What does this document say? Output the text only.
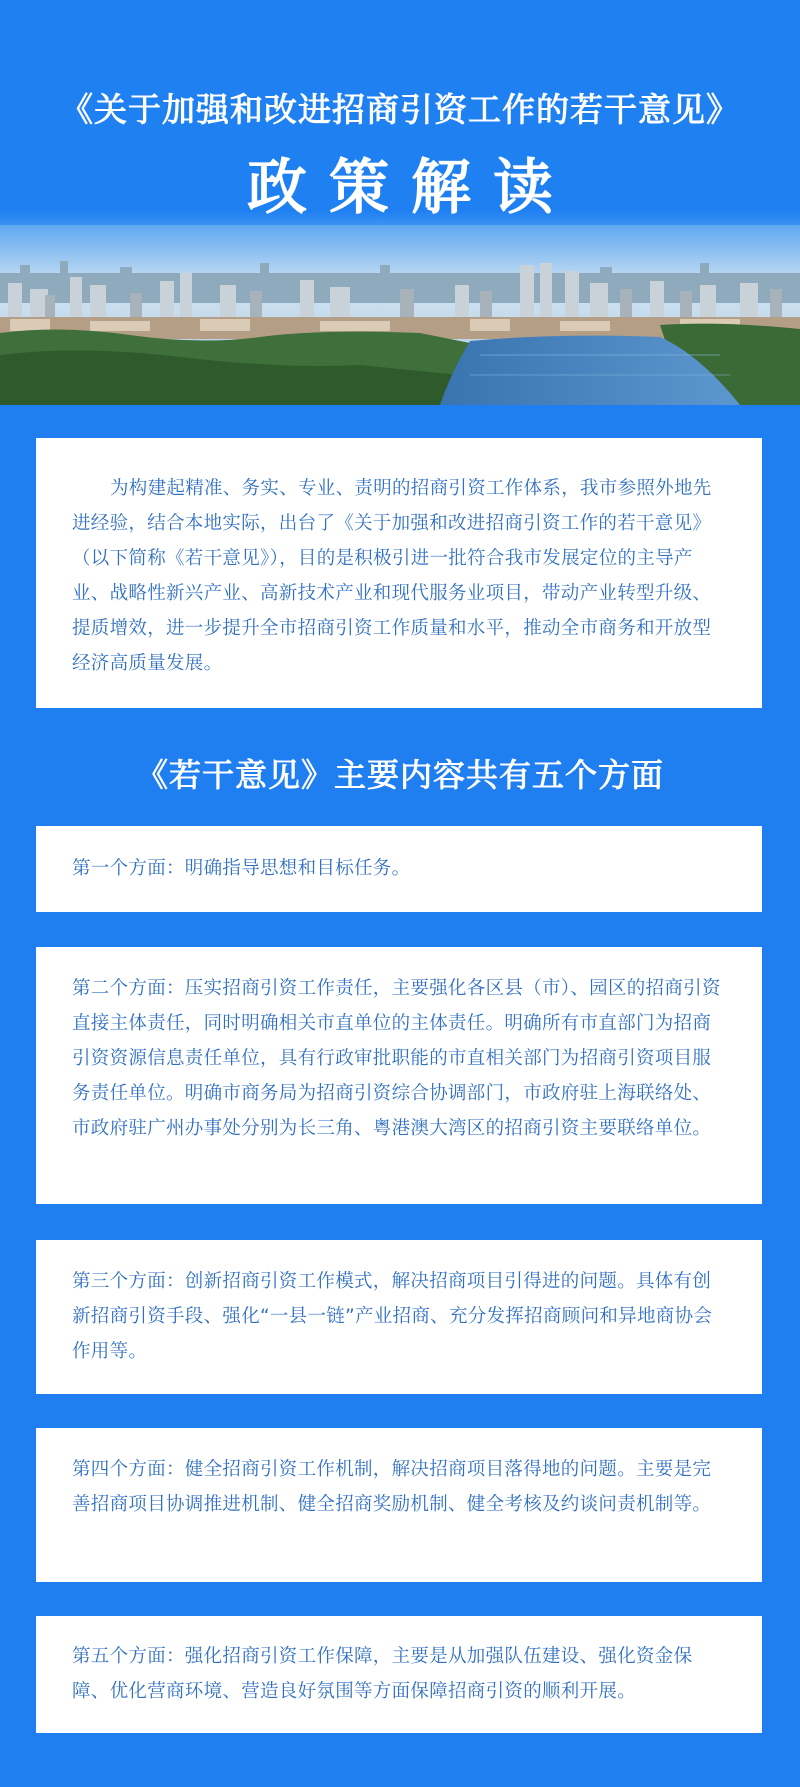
《关于加强和改进招商引资工作的若干意见》
政策解读

为构建起精准、务实、专业、责明的招商引资工作体系，我市参照外地先进经验，结合本地实际，出台了《关于加强和改进招商引资工作的若干意见》（以下简称《若干意见》），目的是积极引进一批符合我市发展定位的主导产业、战略性新兴产业、高新技术产业和现代服务业项目，带动产业转型升级、提质增效，进一步提升全市招商引资工作质量和水平，推动全市商务和开放型经济高质量发展。

《若干意见》主要内容共有五个方面

第一个方面：明确指导思想和目标任务。

第二个方面：压实招商引资工作责任，主要强化各区县（市）、园区的招商引资直接主体责任，同时明确相关市直单位的主体责任。明确所有市直部门为招商引资资源信息责任单位，具有行政审批职能的市直相关部门为招商引资项目服务责任单位。明确市商务局为招商引资综合协调部门，市政府驻上海联络处、市政府驻广州办事处分别为长三角、粤港澳大湾区的招商引资主要联络单位。

第三个方面：创新招商引资工作模式，解决招商项目引得进的问题。具体有创新招商引资手段、强化“一县一链”产业招商、充分发挥招商顾问和异地商协会作用等。

第四个方面：健全招商引资工作机制，解决招商项目落得地的问题。主要是完善招商项目协调推进机制、健全招商奖励机制、健全考核及约谈问责机制等。

第五个方面：强化招商引资工作保障，主要是从加强队伍建设、强化资金保障、优化营商环境、营造良好氛围等方面保障招商引资的顺利开展。
